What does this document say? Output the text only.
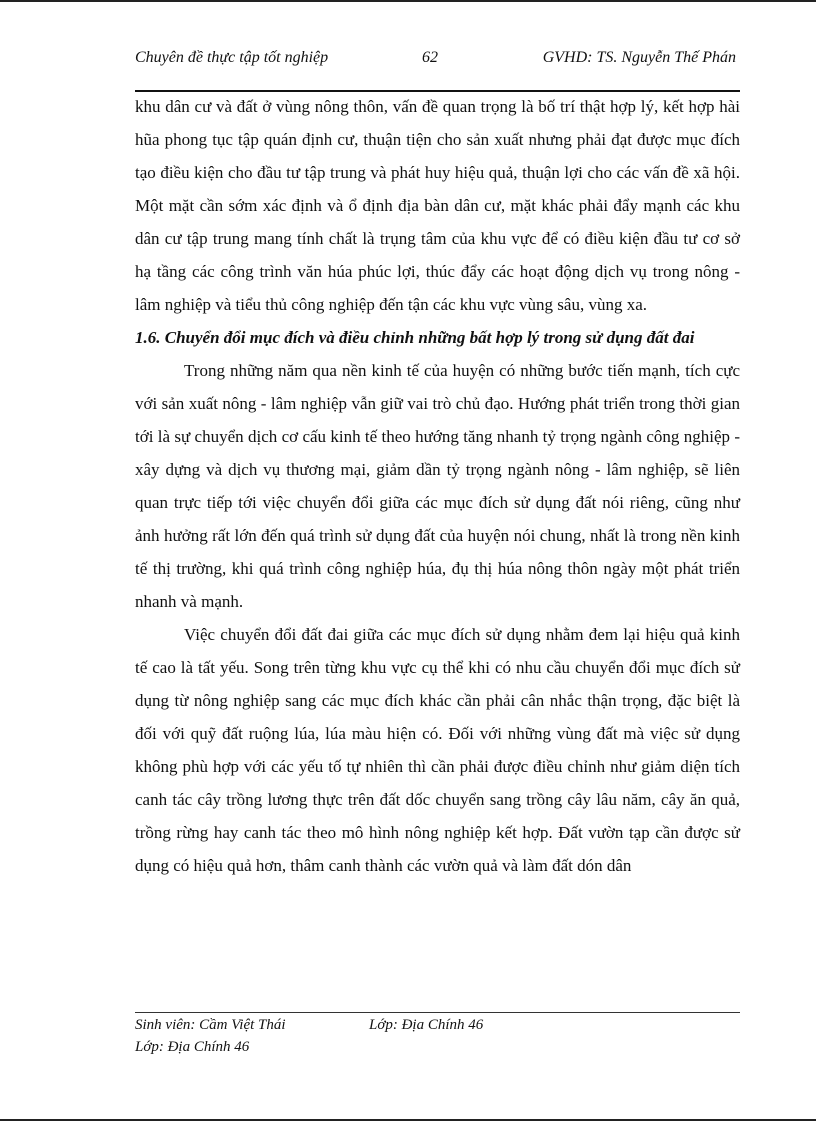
Chuyên đề thực tập tốt nghiệp	62	GVHD: TS. Nguyễn Thế Phán

khu dân cư và đất ở vùng nông thôn, vấn đề quan trọng là bố trí thật hợp lý, kết hợp hài hũa phong tục tập quán định cư, thuận tiện cho sản xuất nhưng phải đạt được mục đích tạo điều kiện cho đầu tư tập trung và phát huy hiệu quả, thuận lợi cho các vấn đề xã hội. Một mặt cần sớm xác định và ổ định địa bàn dân cư, mặt khác phải đẩy mạnh các khu dân cư tập trung mang tính chất là trụng tâm của khu vực để có điều kiện đầu tư cơ sở hạ tầng các công trình văn húa phúc lợi, thúc đẩy các hoạt động dịch vụ trong nông - lâm nghiệp và tiểu thủ công nghiệp đến tận các khu vực vùng sâu, vùng xa.

1.6. Chuyển đổi mục đích và điều chỉnh những bất hợp lý trong sử dụng đất đai

Trong những năm qua nền kinh tế của huyện có những bước tiến mạnh, tích cực với sản xuất nông - lâm nghiệp vẫn giữ vai trò chủ đạo. Hướng phát triển trong thời gian tới là sự chuyển dịch cơ cấu kinh tế theo hướng tăng nhanh tỷ trọng ngành công nghiệp - xây dựng và dịch vụ thương mại, giảm dần tỷ trọng ngành nông - lâm nghiệp, sẽ liên quan trực tiếp tới việc chuyển đổi giữa các mục đích sử dụng đất nói riêng, cũng như ảnh hưởng rất lớn đến quá trình sử dụng đất của huyện nói chung, nhất là trong nền kinh tế thị trường, khi quá trình công nghiệp húa, đụ thị húa nông thôn ngày một phát triển nhanh và mạnh.

Việc chuyển đổi đất đai giữa các mục đích sử dụng nhằm đem lại hiệu quả kinh tế cao là tất yếu. Song trên từng khu vực cụ thể khi có nhu cầu chuyển đổi mục đích sử dụng từ nông nghiệp sang các mục đích khác cần phải cân nhắc thận trọng, đặc biệt là đối với quỹ đất ruộng lúa, lúa màu hiện có. Đối với những vùng đất mà việc sử dụng không phù hợp với các yếu tố tự nhiên thì cần phải được điều chỉnh như giảm diện tích canh tác cây trồng lương thực trên đất dốc chuyển sang trồng cây lâu năm, cây ăn quả, trồng rừng hay canh tác theo mô hình nông nghiệp kết hợp. Đất vườn tạp cần được sử dụng có hiệu quả hơn, thâm canh thành các vườn quả và làm đất dón dân

Sinh viên: Cầm Việt Thái	Lớp: Địa Chính 46
Lớp: Địa Chính 46
